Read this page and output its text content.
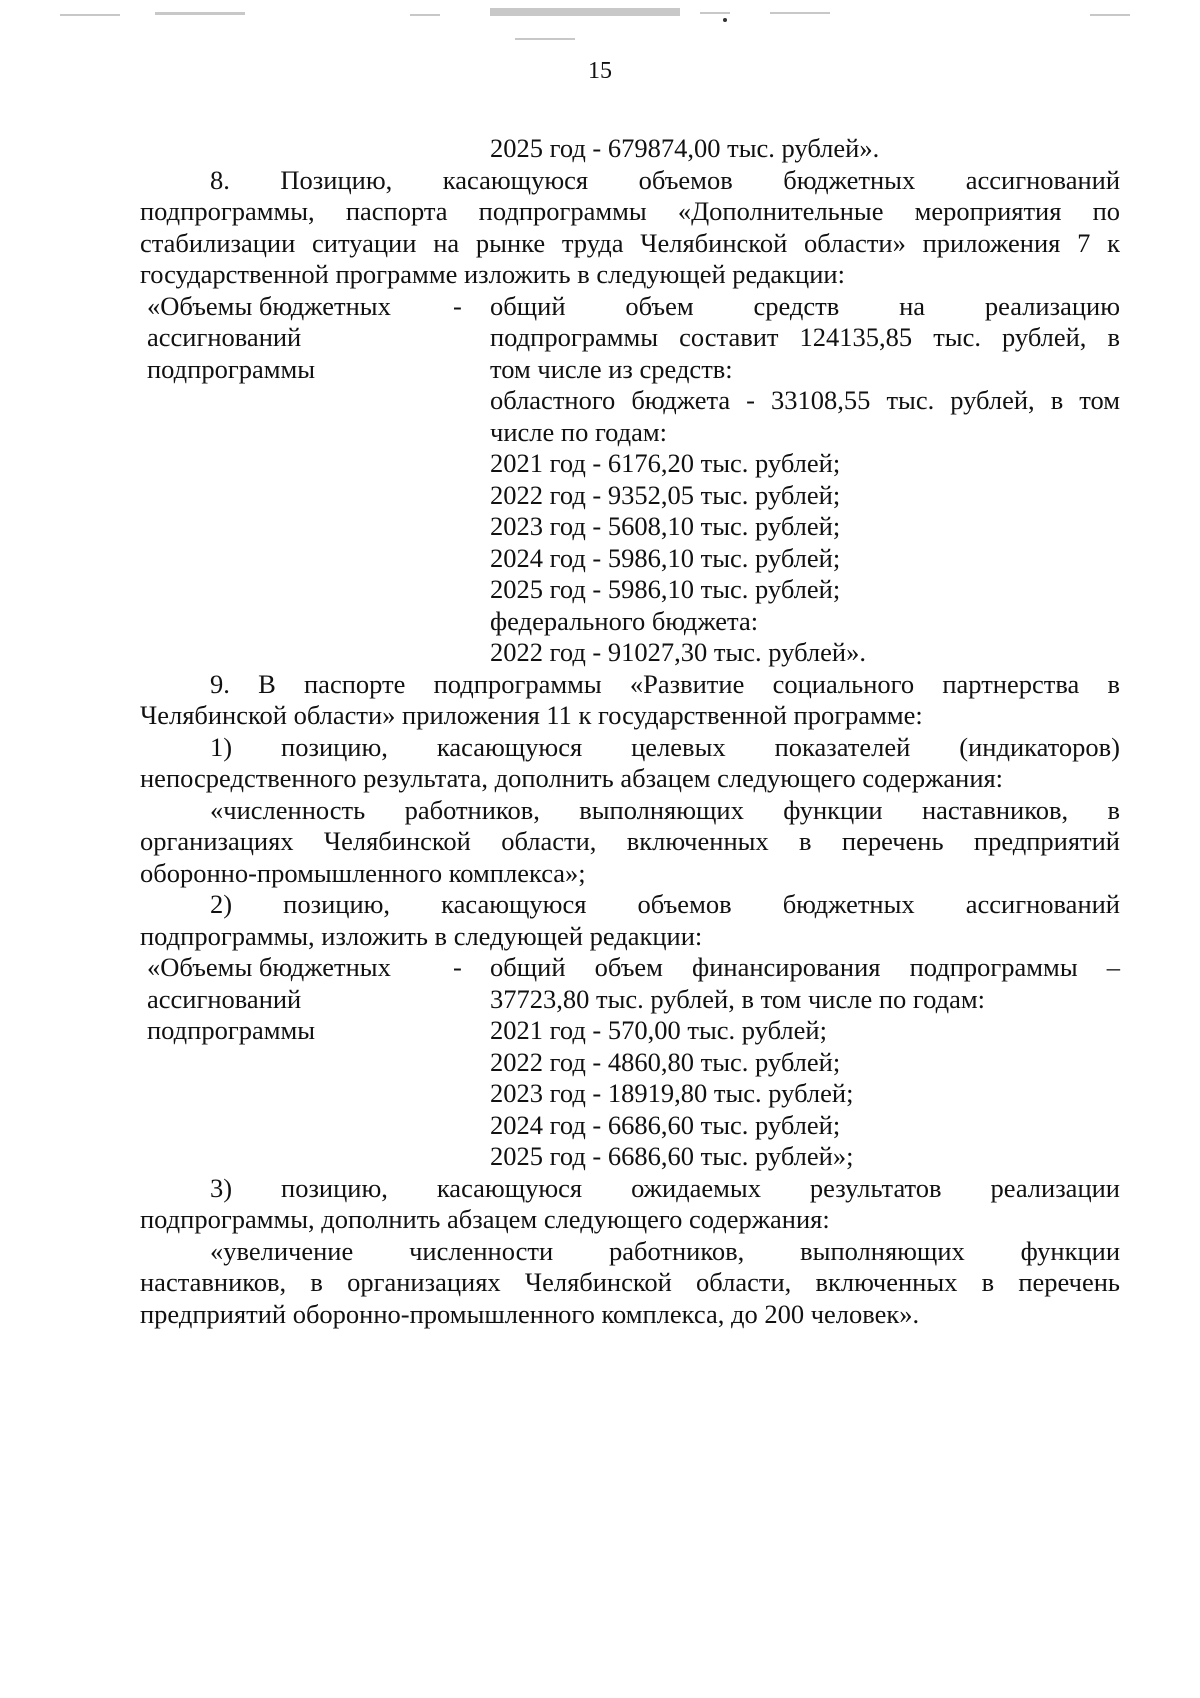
15
2025 год - 679874,00 тыс. рублей».
8. Позицию, касающуюся объемов бюджетных ассигнований
подпрограммы, паспорта подпрограммы «Дополнительные мероприятия по
стабилизации ситуации на рынке труда Челябинской области» приложения 7 к
государственной программе изложить в следующей редакции:
«Объемы бюджетных	-	общий объем средств на реализацию
ассигнований	подпрограммы составит 124135,85 тыс. рублей, в
подпрограммы	том числе из средств:
областного бюджета - 33108,55 тыс. рублей, в том
числе по годам:
2021 год - 6176,20 тыс. рублей;
2022 год - 9352,05 тыс. рублей;
2023 год - 5608,10 тыс. рублей;
2024 год - 5986,10 тыс. рублей;
2025 год - 5986,10 тыс. рублей;
федерального бюджета:
2022 год - 91027,30 тыс. рублей».
9. В паспорте подпрограммы «Развитие социального партнерства в
Челябинской области» приложения 11 к государственной программе:
1) позицию, касающуюся целевых показателей (индикаторов)
непосредственного результата, дополнить абзацем следующего содержания:
«численность работников, выполняющих функции наставников, в
организациях Челябинской области, включенных в перечень предприятий
оборонно-промышленного комплекса»;
2) позицию, касающуюся объемов бюджетных ассигнований
подпрограммы, изложить в следующей редакции:
«Объемы бюджетных	-	общий объем финансирования подпрограммы –
ассигнований	37723,80 тыс. рублей, в том числе по годам:
подпрограммы	2021 год - 570,00 тыс. рублей;
2022 год - 4860,80 тыс. рублей;
2023 год - 18919,80 тыс. рублей;
2024 год - 6686,60 тыс. рублей;
2025 год - 6686,60 тыс. рублей»;
3) позицию, касающуюся ожидаемых результатов реализации
подпрограммы, дополнить абзацем следующего содержания:
«увеличение численности работников, выполняющих функции
наставников, в организациях Челябинской области, включенных в перечень
предприятий оборонно-промышленного комплекса, до 200 человек».
